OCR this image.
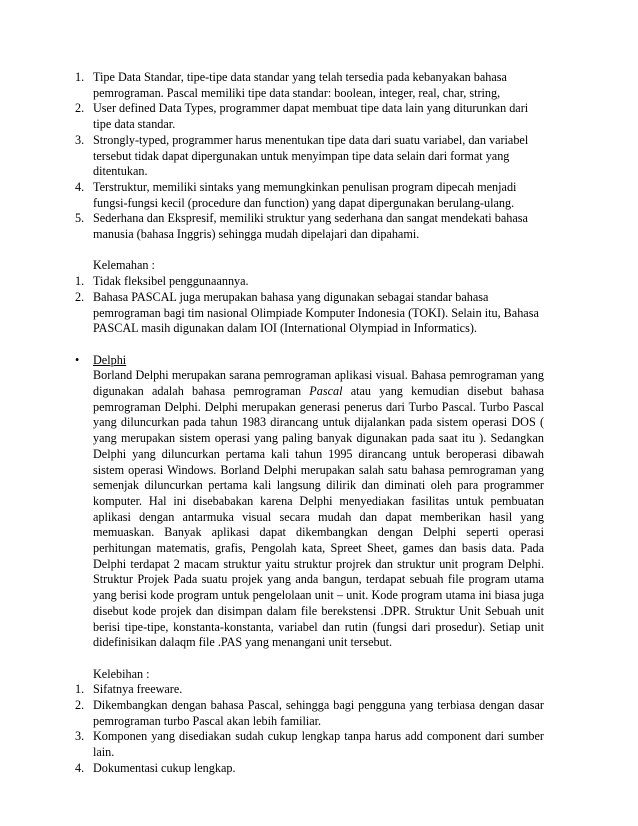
1. Tipe Data Standar, tipe-tipe data standar yang telah tersedia pada kebanyakan bahasa pemrograman. Pascal memiliki tipe data standar: boolean, integer, real, char, string,
2. User defined Data Types, programmer dapat membuat tipe data lain yang diturunkan dari tipe data standar.
3. Strongly-typed, programmer harus menentukan tipe data dari suatu variabel, dan variabel tersebut tidak dapat dipergunakan untuk menyimpan tipe data selain dari format yang ditentukan.
4. Terstruktur, memiliki sintaks yang memungkinkan penulisan program dipecah menjadi fungsi-fungsi kecil (procedure dan function) yang dapat dipergunakan berulang-ulang.
5. Sederhana dan Ekspresif, memiliki struktur yang sederhana dan sangat mendekati bahasa manusia (bahasa Inggris) sehingga mudah dipelajari dan dipahami.
Kelemahan :
1. Tidak fleksibel penggunaannya.
2. Bahasa PASCAL juga merupakan bahasa yang digunakan sebagai standar bahasa pemrograman bagi tim nasional Olimpiade Komputer Indonesia (TOKI). Selain itu, Bahasa PASCAL masih digunakan dalam IOI (International Olympiad in Informatics).
• Delphi
Borland Delphi merupakan sarana pemrograman aplikasi visual. Bahasa pemrograman yang digunakan adalah bahasa pemrograman Pascal atau yang kemudian disebut bahasa pemrograman Delphi. Delphi merupakan generasi penerus dari Turbo Pascal. Turbo Pascal yang diluncurkan pada tahun 1983 dirancang untuk dijalankan pada sistem operasi DOS ( yang merupakan sistem operasi yang paling banyak digunakan pada saat itu ). Sedangkan Delphi yang diluncurkan pertama kali tahun 1995 dirancang untuk beroperasi dibawah sistem operasi Windows. Borland Delphi merupakan salah satu bahasa pemrograman yang semenjak diluncurkan pertama kali langsung dilirik dan diminati oleh para programmer komputer. Hal ini disebabakan karena Delphi menyediakan fasilitas untuk pembuatan aplikasi dengan antarmuka visual secara mudah dan dapat memberikan hasil yang memuaskan. Banyak aplikasi dapat dikembangkan dengan Delphi seperti operasi perhitungan matematis, grafis, Pengolah kata, Spreet Sheet, games dan basis data. Pada Delphi terdapat 2 macam struktur yaitu struktur projrek dan struktur unit program Delphi. Struktur Projek Pada suatu projek yang anda bangun, terdapat sebuah file program utama yang berisi kode program untuk pengelolaan unit – unit. Kode program utama ini biasa juga disebut kode projek dan disimpan dalam file berekstensi .DPR. Struktur Unit Sebuah unit berisi tipe-tipe, konstanta-konstanta, variabel dan rutin (fungsi dari prosedur). Setiap unit didefinisikan dalaqm file .PAS yang menangani unit tersebut.
Kelebihan :
1. Sifatnya freeware.
2. Dikembangkan dengan bahasa Pascal, sehingga bagi pengguna yang terbiasa dengan dasar pemrograman turbo Pascal akan lebih familiar.
3. Komponen yang disediakan sudah cukup lengkap tanpa harus add component dari sumber lain.
4. Dokumentasi cukup lengkap.
